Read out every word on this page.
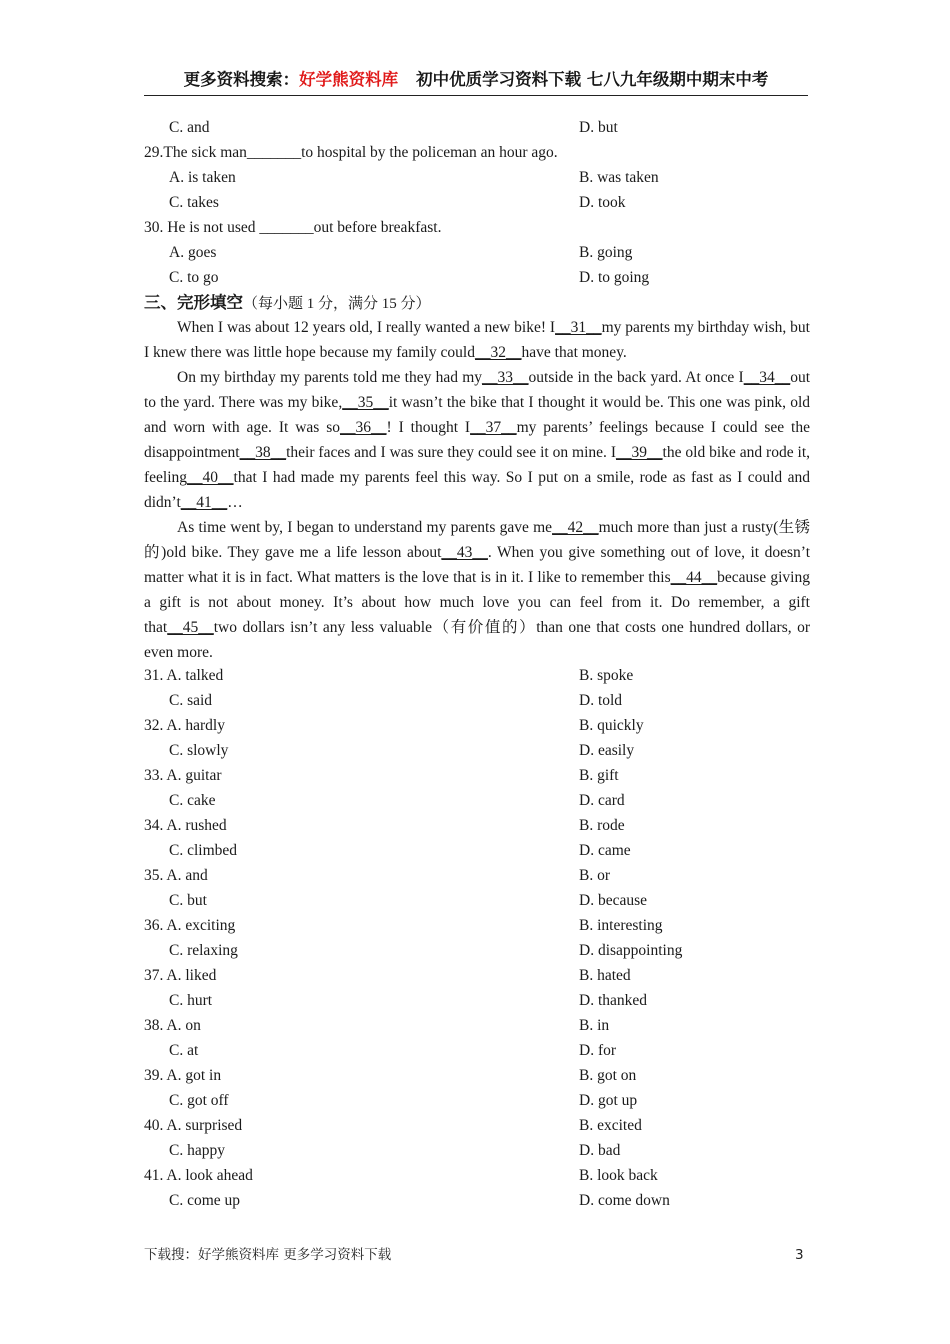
更多资料搜索：好学熊资料库 初中优质学习资料下载 七八九年级期中期末中考
C. and	D. but
29.The sick man_______to hospital by the policeman an hour ago.
A. is taken	B. was taken
C. takes	D. took
30. He is not used _______out before breakfast.
A. goes	B. going
C. to go	D. to going
三、完形填空（每小题 1 分，满分 15 分）

When I was about 12 years old, I really wanted a new bike! I__31__my parents my birthday wish, but I knew there was little hope because my family could__32__have that money.

On my birthday my parents told me they had my__33__outside in the back yard. At once I__34__out to the yard. There was my bike,__35__it wasn’t the bike that I thought it would be. This one was pink, old and worn with age. It was so__36__! I thought I__37__my parents’ feelings because I could see the disappointment__38__their faces and I was sure they could see it on mine. I__39__the old bike and rode it, feeling__40__that I had made my parents feel this way. So I put on a smile, rode as fast as I could and didn’t__41__…

As time went by, I began to understand my parents gave me__42__much more than just a rusty(生锈的)old bike. They gave me a life lesson about__43__. When you give something out of love, it doesn’t matter what it is in fact. What matters is the love that is in it. I like to remember this__44__because giving a gift is not about money. It’s about how much love you can feel from it. Do remember, a gift that__45__two dollars isn’t any less valuable（有价值的）than one that costs one hundred dollars, or even more.

31. A. talked	B. spoke
C. said	D. told
32. A. hardly	B. quickly
C. slowly	D. easily
33. A. guitar	B. gift
C. cake	D. card
34. A. rushed	B. rode
C. climbed	D. came
35. A. and	B. or
C. but	D. because
36. A. exciting	B. interesting
C. relaxing	D. disappointing
37. A. liked	B. hated
C. hurt	D. thanked
38. A. on	B. in
C. at	D. for
39. A. got in	B. got on
C. got off	D. got up
40. A. surprised	B. excited
C. happy	D. bad
41. A. look ahead	B. look back
C. come up	D. come down
下载搜：好学熊资料库 更多学习资料下载	3
